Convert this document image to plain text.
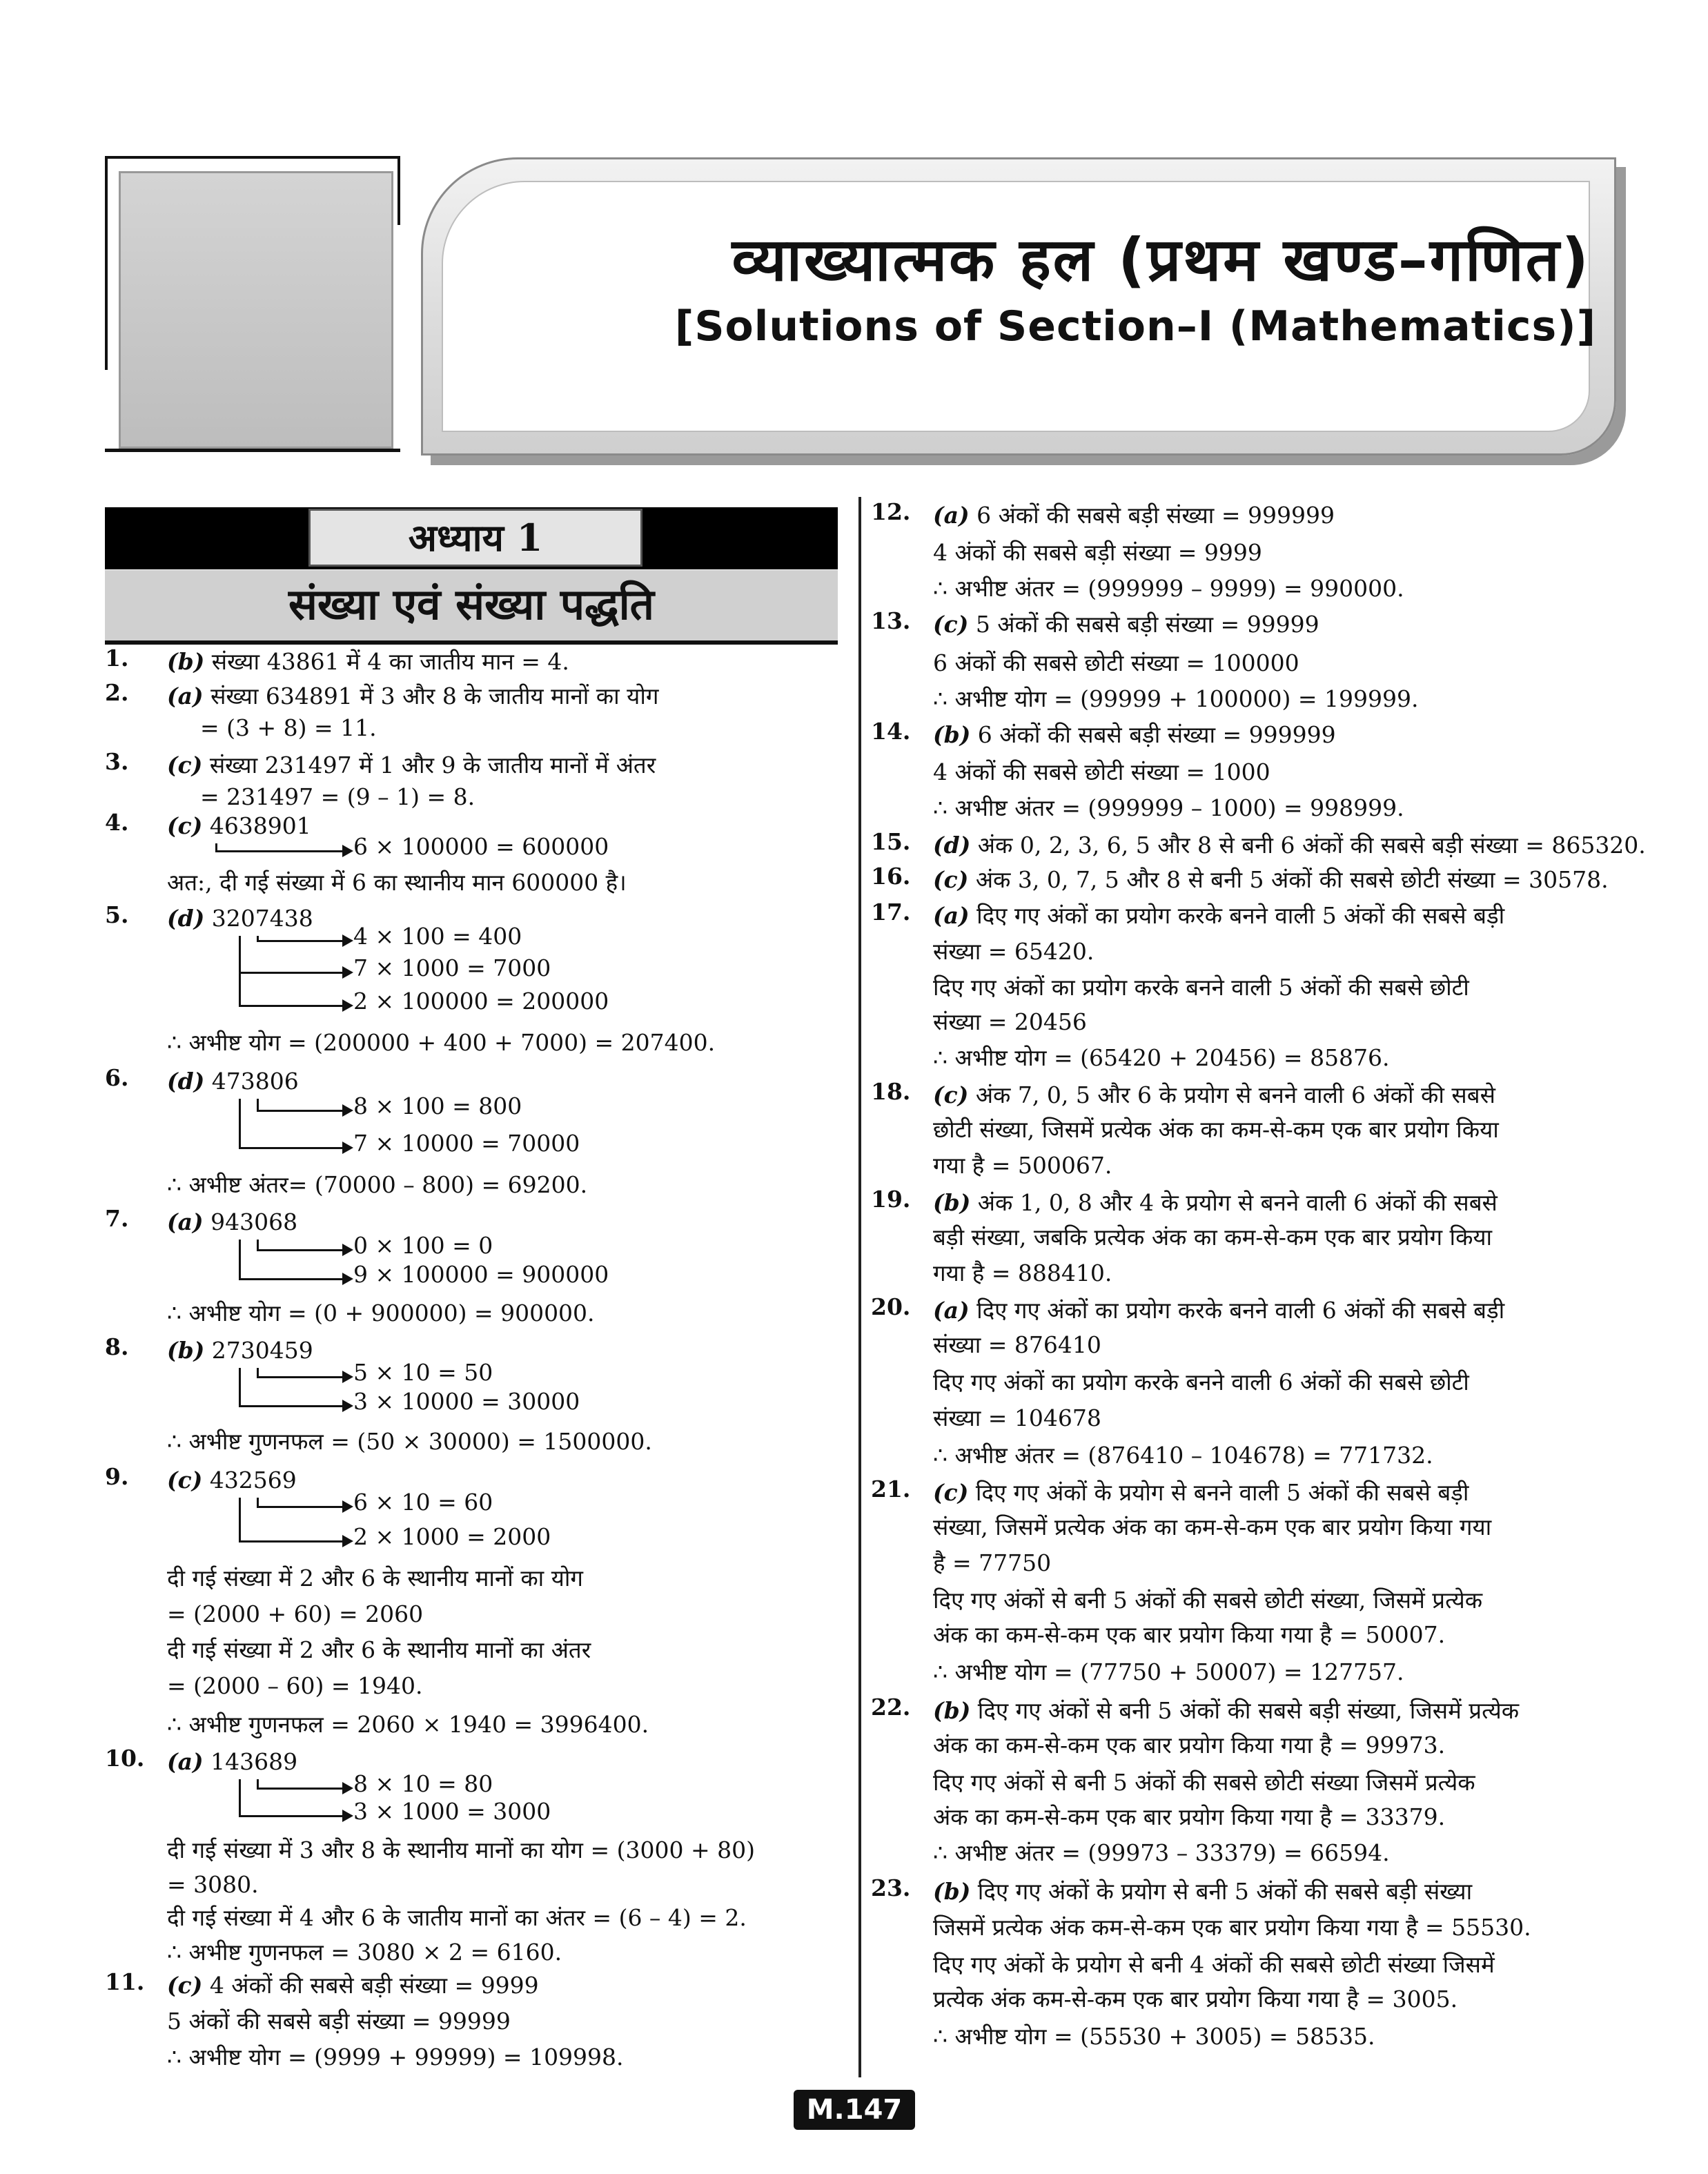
व्याख्यात्मक हल (प्रथम खण्ड–गणित)
[Solutions of Section–I (Mathematics)]
अध्याय 1
संख्या एवं संख्या पद्धति
1. (b) संख्या 43861 में 4 का जातीय मान = 4.
2. (a) संख्या 634891 में 3 और 8 के जातीय मानों का योग
= (3 + 8) = 11.
3. (c) संख्या 231497 में 1 और 9 के जातीय मानों में अंतर
= 231497 = (9 – 1) = 8.
4. (c) 4638901
6 × 100000 = 600000
अत:, दी गई संख्या में 6 का स्थानीय मान 600000 है।
5. (d) 3207438
4 × 100 = 400
7 × 1000 = 7000
2 × 100000 = 200000
∴ अभीष्ट योग = (200000 + 400 + 7000) = 207400.
6. (d) 473806
8 × 100 = 800
7 × 10000 = 70000
∴ अभीष्ट अंतर= (70000 – 800) = 69200.
7. (a) 943068
0 × 100 = 0
9 × 100000 = 900000
∴ अभीष्ट योग = (0 + 900000) = 900000.
8. (b) 2730459
5 × 10 = 50
3 × 10000 = 30000
∴ अभीष्ट गुणनफल = (50 × 30000) = 1500000.
9. (c) 432569
6 × 10 = 60
2 × 1000 = 2000
दी गई संख्या में 2 और 6 के स्थानीय मानों का योग
= (2000 + 60) = 2060
दी गई संख्या में 2 और 6 के स्थानीय मानों का अंतर
= (2000 – 60) = 1940.
∴ अभीष्ट गुणनफल = 2060 × 1940 = 3996400.
10. (a) 143689
8 × 10 = 80
3 × 1000 = 3000
दी गई संख्या में 3 और 8 के स्थानीय मानों का योग = (3000 + 80)
= 3080.
दी गई संख्या में 4 और 6 के जातीय मानों का अंतर = (6 – 4) = 2.
∴ अभीष्ट गुणनफल = 3080 × 2 = 6160.
11. (c) 4 अंकों की सबसे बड़ी संख्या = 9999
5 अंकों की सबसे बड़ी संख्या = 99999
∴ अभीष्ट योग = (9999 + 99999) = 109998.
12. (a) 6 अंकों की सबसे बड़ी संख्या = 999999
4 अंकों की सबसे बड़ी संख्या = 9999
∴ अभीष्ट अंतर = (999999 – 9999) = 990000.
13. (c) 5 अंकों की सबसे बड़ी संख्या = 99999
6 अंकों की सबसे छोटी संख्या = 100000
∴ अभीष्ट योग = (99999 + 100000) = 199999.
14. (b) 6 अंकों की सबसे बड़ी संख्या = 999999
4 अंकों की सबसे छोटी संख्या = 1000
∴ अभीष्ट अंतर = (999999 – 1000) = 998999.
15. (d) अंक 0, 2, 3, 6, 5 और 8 से बनी 6 अंकों की सबसे बड़ी संख्या = 865320.
16. (c) अंक 3, 0, 7, 5 और 8 से बनी 5 अंकों की सबसे छोटी संख्या = 30578.
17. (a) दिए गए अंकों का प्रयोग करके बनने वाली 5 अंकों की सबसे बड़ी
संख्या = 65420.
दिए गए अंकों का प्रयोग करके बनने वाली 5 अंकों की सबसे छोटी
संख्या = 20456
∴ अभीष्ट योग = (65420 + 20456) = 85876.
18. (c) अंक 7, 0, 5 और 6 के प्रयोग से बनने वाली 6 अंकों की सबसे
छोटी संख्या, जिसमें प्रत्येक अंक का कम-से-कम एक बार प्रयोग किया
गया है = 500067.
19. (b) अंक 1, 0, 8 और 4 के प्रयोग से बनने वाली 6 अंकों की सबसे
बड़ी संख्या, जबकि प्रत्येक अंक का कम-से-कम एक बार प्रयोग किया
गया है = 888410.
20. (a) दिए गए अंकों का प्रयोग करके बनने वाली 6 अंकों की सबसे बड़ी
संख्या = 876410
दिए गए अंकों का प्रयोग करके बनने वाली 6 अंकों की सबसे छोटी
संख्या = 104678
∴ अभीष्ट अंतर = (876410 – 104678) = 771732.
21. (c) दिए गए अंकों के प्रयोग से बनने वाली 5 अंकों की सबसे बड़ी
संख्या, जिसमें प्रत्येक अंक का कम-से-कम एक बार प्रयोग किया गया
है = 77750
दिए गए अंकों से बनी 5 अंकों की सबसे छोटी संख्या, जिसमें प्रत्येक
अंक का कम-से-कम एक बार प्रयोग किया गया है = 50007.
∴ अभीष्ट योग = (77750 + 50007) = 127757.
22. (b) दिए गए अंकों से बनी 5 अंकों की सबसे बड़ी संख्या, जिसमें प्रत्येक
अंक का कम-से-कम एक बार प्रयोग किया गया है = 99973.
दिए गए अंकों से बनी 5 अंकों की सबसे छोटी संख्या जिसमें प्रत्येक
अंक का कम-से-कम एक बार प्रयोग किया गया है = 33379.
∴ अभीष्ट अंतर = (99973 – 33379) = 66594.
23. (b) दिए गए अंकों के प्रयोग से बनी 5 अंकों की सबसे बड़ी संख्या
जिसमें प्रत्येक अंक कम-से-कम एक बार प्रयोग किया गया है = 55530.
दिए गए अंकों के प्रयोग से बनी 4 अंकों की सबसे छोटी संख्या जिसमें
प्रत्येक अंक कम-से-कम एक बार प्रयोग किया गया है = 3005.
∴ अभीष्ट योग = (55530 + 3005) = 58535.
M.147
